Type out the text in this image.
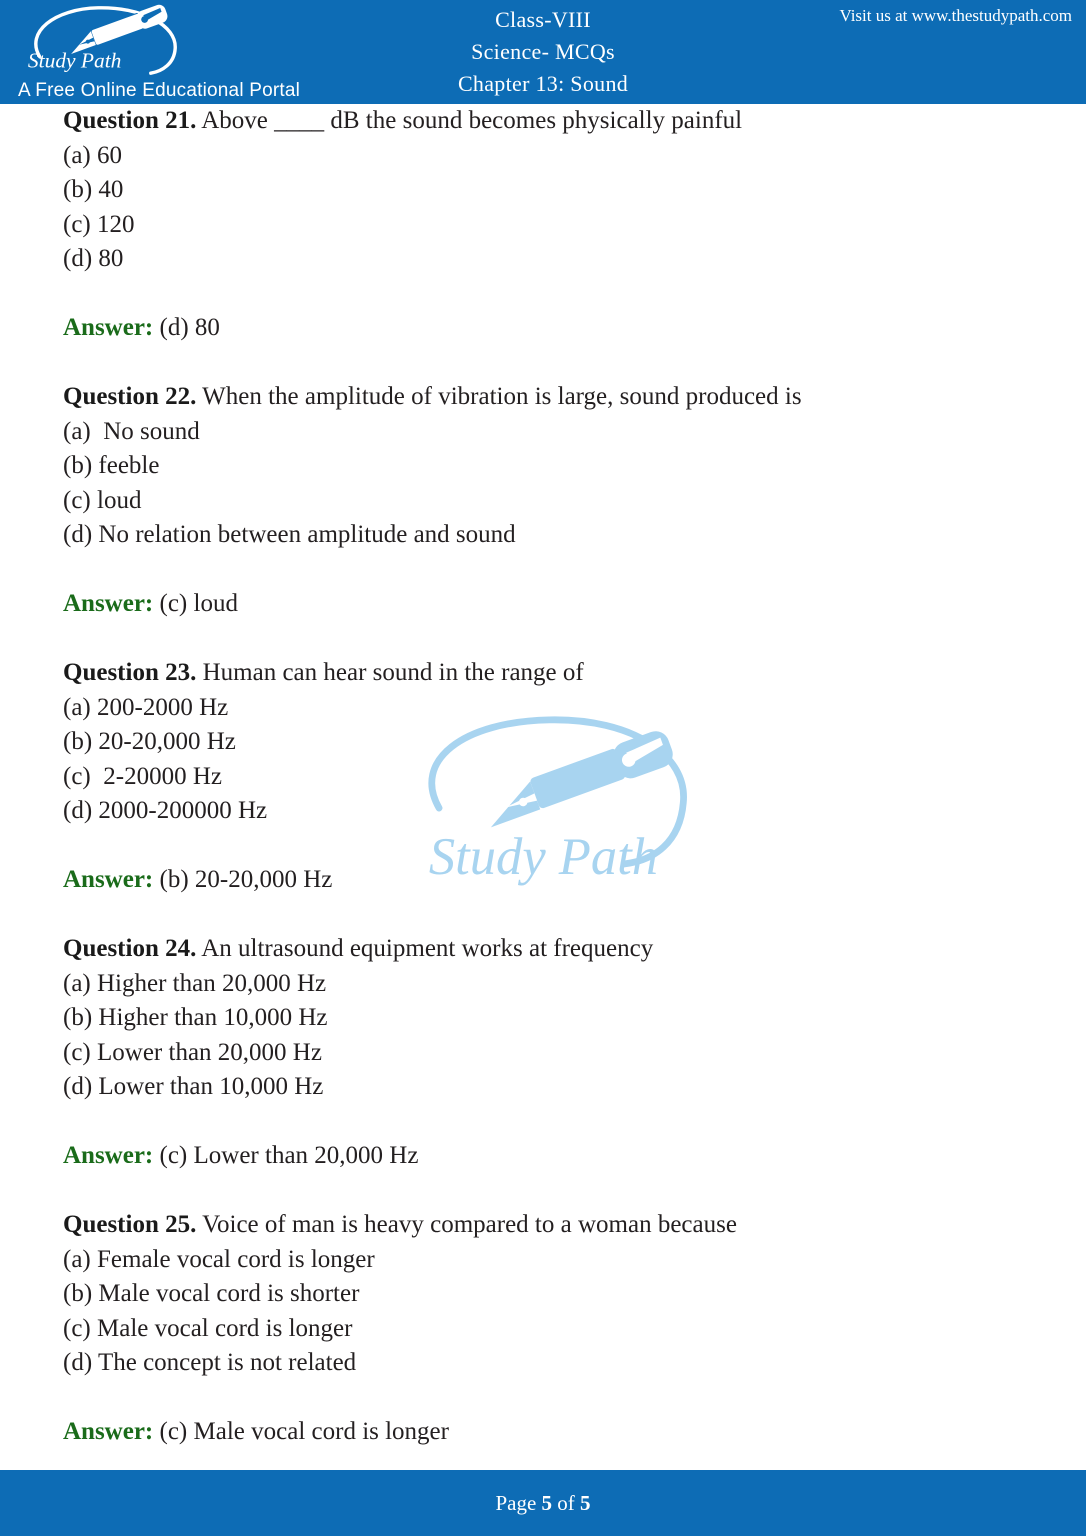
Study Path
A Free Online Educational Portal
Class-VIII
Science- MCQs
Chapter 13: Sound
Visit us at www.thestudypath.com
Study Path
Question 21. Above ____ dB the sound becomes physically painful
(a) 60
(b) 40
(c) 120
(d) 80
Answer: (d) 80
Question 22. When the amplitude of vibration is large, sound produced is
(a)  No sound
(b) feeble
(c) loud
(d) No relation between amplitude and sound
Answer: (c) loud
Question 23. Human can hear sound in the range of
(a) 200-2000 Hz
(b) 20-20,000 Hz
(c)  2-20000 Hz
(d) 2000-200000 Hz
Answer: (b) 20-20,000 Hz
Question 24. An ultrasound equipment works at frequency
(a) Higher than 20,000 Hz
(b) Higher than 10,000 Hz
(c) Lower than 20,000 Hz
(d) Lower than 10,000 Hz
Answer: (c) Lower than 20,000 Hz
Question 25. Voice of man is heavy compared to a woman because
(a) Female vocal cord is longer
(b) Male vocal cord is shorter
(c) Male vocal cord is longer
(d) The concept is not related
Answer: (c) Male vocal cord is longer
Page 5 of 5
